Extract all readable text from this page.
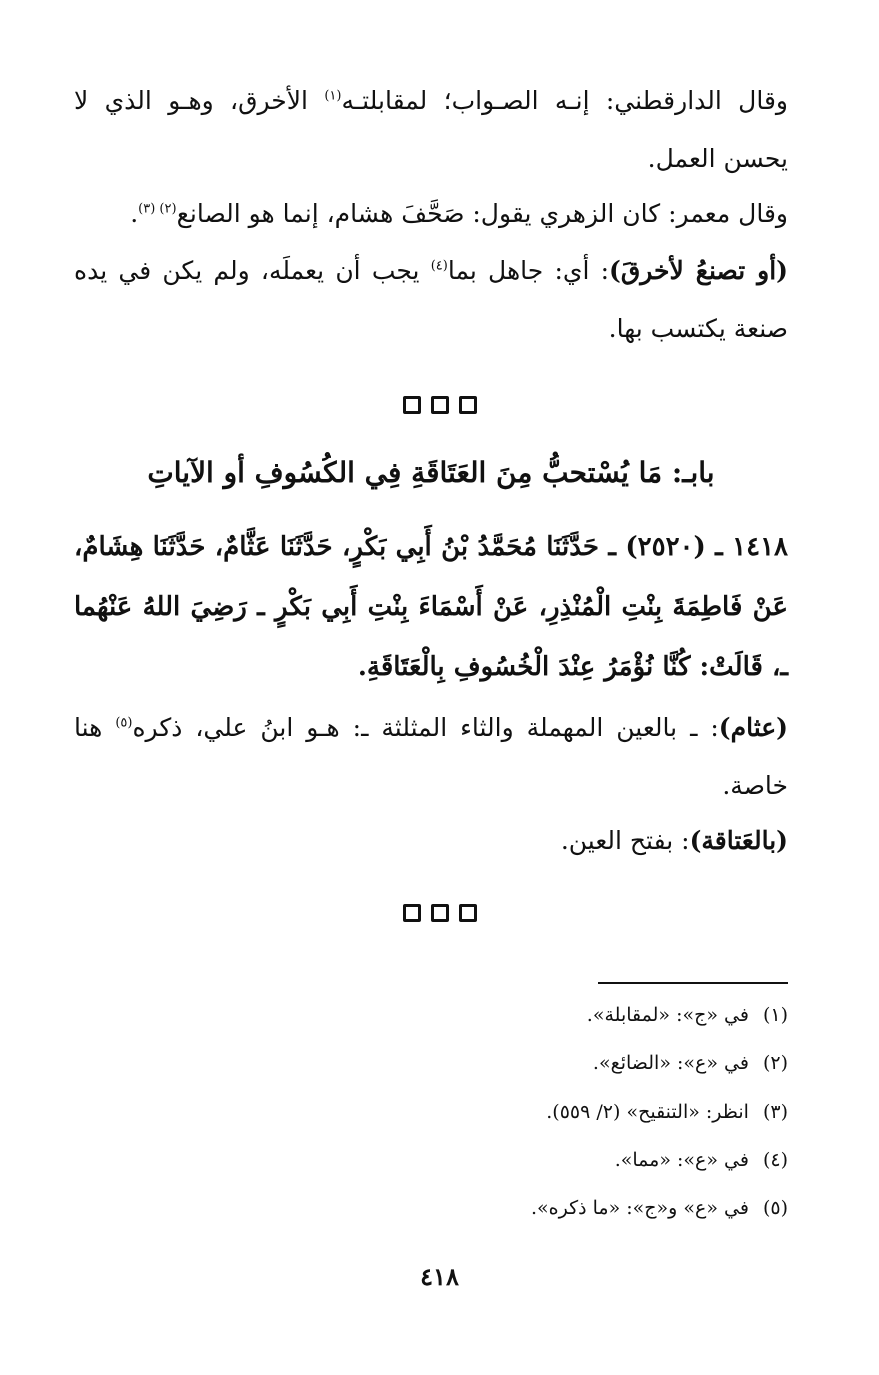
وقال الدارقطني: إنـه الصـواب؛ لمقابلتـه$^{(١)}$ الأخرق، وهـو الذي لا يحسن العمل.

وقال معمر: كان الزهري يقول: صَحَّفَ هشام، إنما هو الصانع$^{(٢) (٣)}$.

(أو تصنعُ لأخرقَ): أي: جاهل بما$^{(٤)}$ يجب أن يعملَه، ولم يكن في يده صنعة يكتسب بها.

بابـ: مَا يُسْتحبُّ مِنَ العَتَاقَةِ فِي الكُسُوفِ أو الآياتِ

١٤١٨ ـ (٢٥٢٠) ـ حَدَّثَنَا مُحَمَّدُ بْنُ أَبِي بَكْرٍ، حَدَّثَنَا عَثَّامٌ، حَدَّثَنَا هِشَامٌ، عَنْ فَاطِمَةَ بِنْتِ الْمُنْذِرِ، عَنْ أَسْمَاءَ بِنْتِ أَبِي بَكْرٍ ـ رَضِيَ اللهُ عَنْهُما ـ، قَالَتْ: كُنَّا نُؤْمَرُ عِنْدَ الْخُسُوفِ بِالْعَتَاقَةِ.

(عثام): ـ بالعين المهملة والثاء المثلثة ـ: هـو ابنُ علي، ذكره$^{(٥)}$ هنا خاصة.

(بالعَتاقة): بفتح العين.

(١)في «ج»: «لمقابلة».
(٢)في «ع»: «الضائع».
(٣)انظر: «التنقيح» (٢/ ٥٥٩).
(٤)في «ع»: «مما».
(٥)في «ع» و«ج»: «ما ذكره».
٤١٨
